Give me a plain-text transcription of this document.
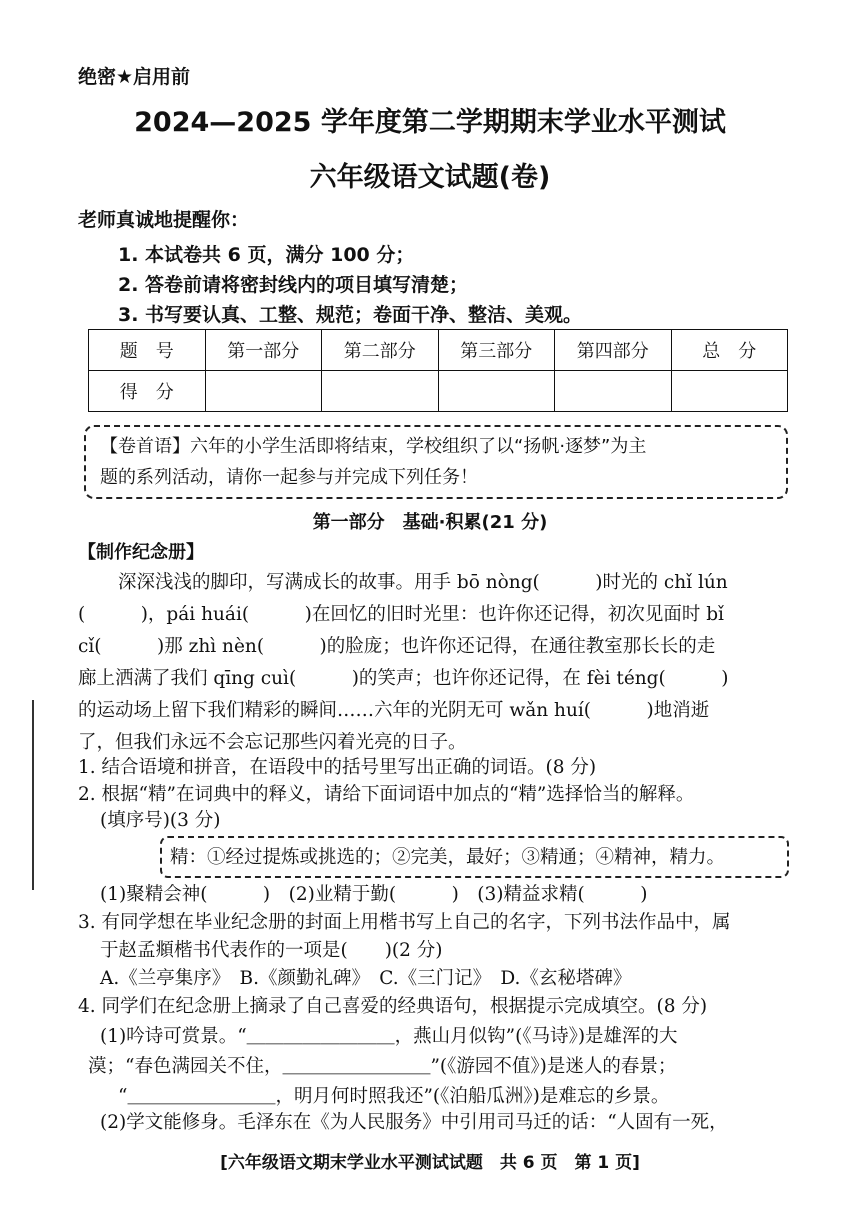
绝密★启用前
2024—2025 学年度第二学期期末学业水平测试
六年级语文试题(卷)
老师真诚地提醒你：
1. 本试卷共 6 页，满分 100 分；
2. 答卷前请将密封线内的项目填写清楚；
3. 书写要认真、工整、规范；卷面干净、整洁、美观。
题　号	第一部分	第二部分	第三部分	第四部分	总　分
得　分					
【卷首语】六年的小学生活即将结束，学校组织了以“扬帆·逐梦”为主
题的系列活动，请你一起参与并完成下列任务！
第一部分　基础·积累(21 分)
【制作纪念册】
深深浅浅的脚印，写满成长的故事。用手 bō nòng(　　　)时光的 chǐ lún
(　　　)，pái huái(　　　)在回忆的旧时光里：也许你还记得，初次见面时 bǐ
cǐ(　　　)那 zhì nèn(　　　)的脸庞；也许你还记得，在通往教室那长长的走
廊上洒满了我们 qīng cuì(　　　)的笑声；也许你还记得，在 fèi téng(　　　)
的运动场上留下我们精彩的瞬间……六年的光阴无可 wǎn huí(　　　)地消逝
了，但我们永远不会忘记那些闪着光亮的日子。
1. 结合语境和拼音，在语段中的括号里写出正确的词语。(8 分)
2. 根据“精”在词典中的释义，请给下面词语中加点的“精”选择恰当的解释。
(填序号)(3 分)
精：①经过提炼或挑选的；②完美，最好；③精通；④精神，精力。
(1)聚精会神(　　　)　(2)业精于勤(　　　)　(3)精益求精(　　　)
3. 有同学想在毕业纪念册的封面上用楷书写上自己的名字，下列书法作品中，属
于赵孟頫楷书代表作的一项是(　　)(2 分)
A.《兰亭集序》　B.《颜勤礼碑》　C.《三门记》　D.《玄秘塔碑》
4. 同学们在纪念册上摘录了自己喜爱的经典语句，根据提示完成填空。(8 分)
(1)吟诗可赏景。“＿＿＿＿＿＿＿＿，燕山月似钩”(《马诗》)是雄浑的大
漠；“春色满园关不住，＿＿＿＿＿＿＿＿”(《游园不值》)是迷人的春景；
“＿＿＿＿＿＿＿＿，明月何时照我还”(《泊船瓜洲》)是难忘的乡景。
(2)学文能修身。毛泽东在《为人民服务》中引用司马迁的话：“人固有一死，
[六年级语文期末学业水平测试试题　共 6 页　第 1 页]
